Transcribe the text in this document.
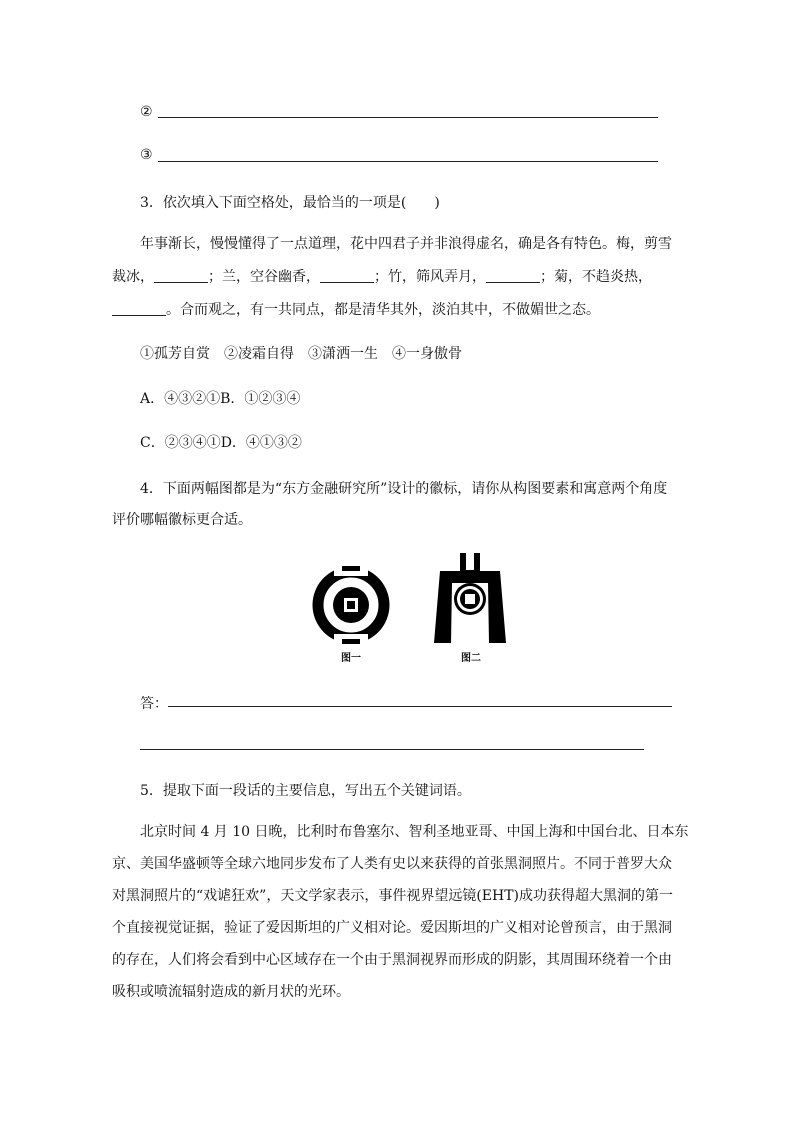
②
③
3．依次填入下面空格处，最恰当的一项是(　　)
年事渐长，慢慢懂得了一点道理，花中四君子并非浪得虚名，确是各有特色。梅，剪雪
裁冰，	；兰，空谷幽香，	；竹，筛风弄月，	；菊，不趋炎热，
。合而观之，有一共同点，都是清华其外，淡泊其中，不做媚世之态。
①孤芳自赏　②凌霜自得　③潇洒一生　④一身傲骨
A．④③②①B．①②③④
C．②③④①D．④①③②
4．下面两幅图都是为“东方金融研究所”设计的徽标，请你从构图要素和寓意两个角度
评价哪幅徽标更合适。
图一	图二
答：
5．提取下面一段话的主要信息，写出五个关键词语。
北京时间 4 月 10 日晚，比利时布鲁塞尔、智利圣地亚哥、中国上海和中国台北、日本东
京、美国华盛顿等全球六地同步发布了人类有史以来获得的首张黑洞照片。不同于普罗大众
对黑洞照片的“戏谑狂欢”，天文学家表示，事件视界望远镜(EHT)成功获得超大黑洞的第一
个直接视觉证据，验证了爱因斯坦的广义相对论。爱因斯坦的广义相对论曾预言，由于黑洞
的存在，人们将会看到中心区域存在一个由于黑洞视界而形成的阴影，其周围环绕着一个由
吸积或喷流辐射造成的新月状的光环。
